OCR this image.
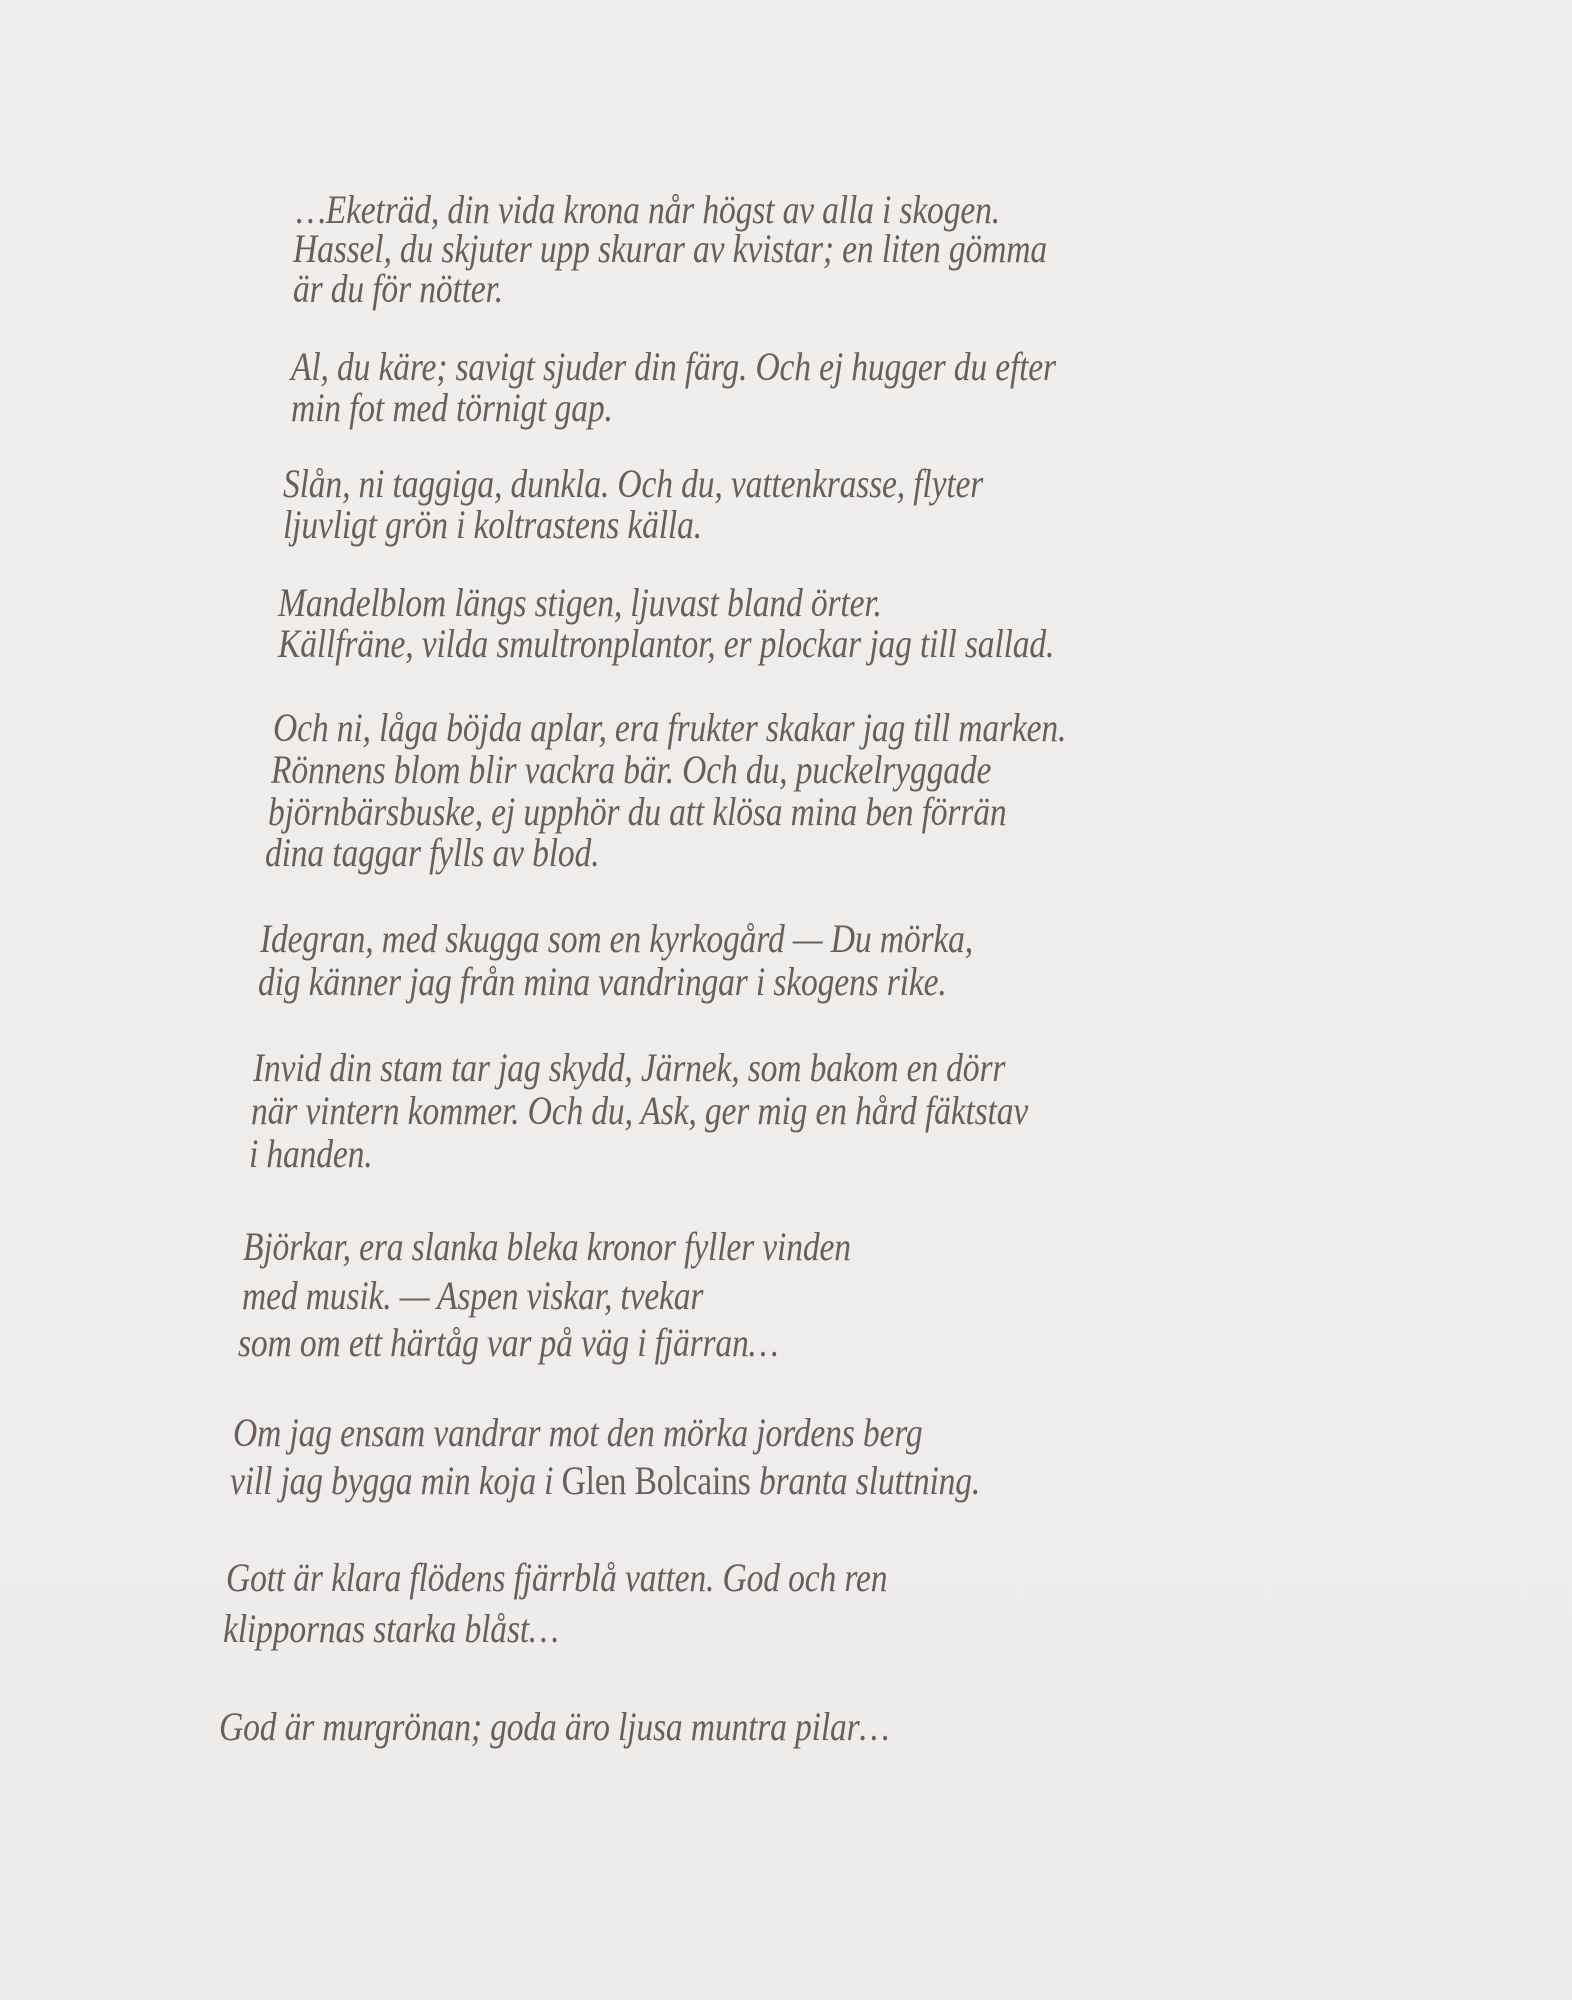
…Eketräd, din vida krona når högst av alla i skogen.
Hassel, du skjuter upp skurar av kvistar; en liten gömma
är du för nötter.
Al, du käre; savigt sjuder din färg. Och ej hugger du efter
min fot med törnigt gap.
Slån, ni taggiga, dunkla. Och du, vattenkrasse, flyter
ljuvligt grön i koltrastens källa.
Mandelblom längs stigen, ljuvast bland örter.
Källfräne, vilda smultronplantor, er plockar jag till sallad.
Och ni, låga böjda aplar, era frukter skakar jag till marken.
Rönnens blom blir vackra bär. Och du, puckelryggade
björnbärsbuske, ej upphör du att klösa mina ben förrän
dina taggar fylls av blod.
Idegran, med skugga som en kyrkogård — Du mörka,
dig känner jag från mina vandringar i skogens rike.
Invid din stam tar jag skydd, Järnek, som bakom en dörr
när vintern kommer. Och du, Ask, ger mig en hård fäktstav
i handen.
Björkar, era slanka bleka kronor fyller vinden
med musik. — Aspen viskar, tvekar
som om ett härtåg var på väg i fjärran…
Om jag ensam vandrar mot den mörka jordens berg
vill jag bygga min koja i Glen Bolcains branta sluttning.
Gott är klara flödens fjärrblå vatten. God och ren
klippornas starka blåst…
God är murgrönan; goda äro ljusa muntra pilar…
